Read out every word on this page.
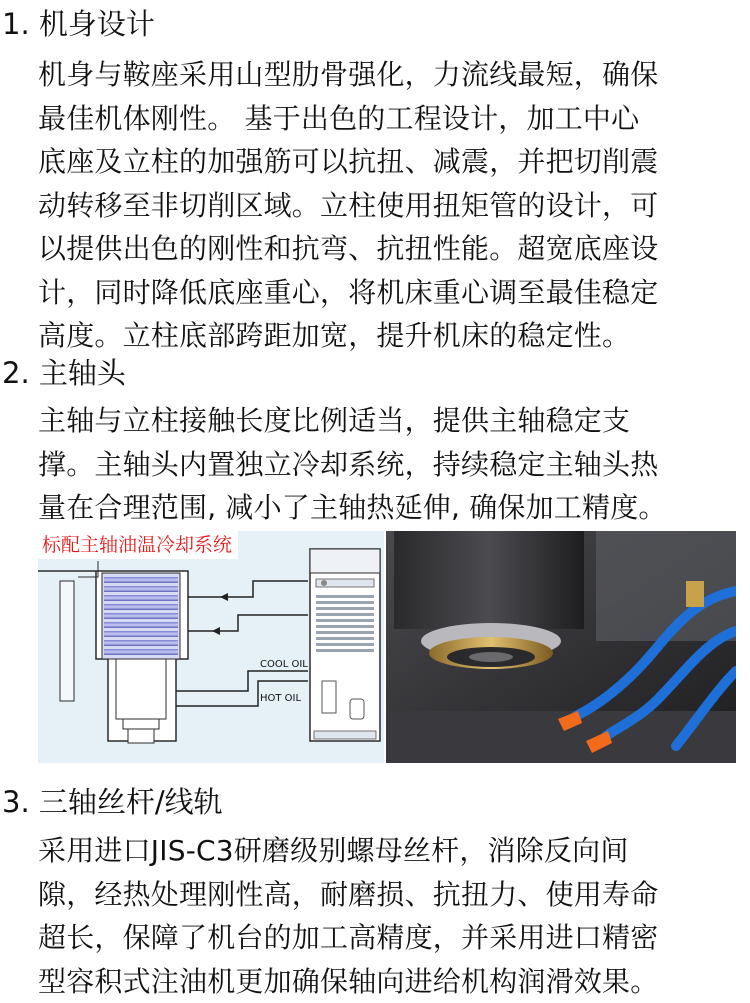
1. 机身设计
机身与鞍座采用山型肋骨强化，力流线最短，确保
最佳机体刚性。 基于出色的工程设计，加工中心
底座及立柱的加强筋可以抗扭、减震，并把切削震
动转移至非切削区域。立柱使用扭矩管的设计，可
以提供出色的刚性和抗弯、抗扭性能。超宽底座设
计，同时降低底座重心，将机床重心调至最佳稳定
高度。立柱底部跨距加宽，提升机床的稳定性。
2. 主轴头
主轴与立柱接触长度比例适当，提供主轴稳定支
撑。主轴头内置独立冷却系统，持续稳定主轴头热
量在合理范围, 减小了主轴热延伸, 确保加工精度。
COOL OIL
HOT OIL
标配主轴油温冷却系统
3. 三轴丝杆/线轨
采用进口JIS-C3研磨级别螺母丝杆，消除反向间
隙，经热处理刚性高，耐磨损、抗扭力、使用寿命
超长，保障了机台的加工高精度，并采用进口精密
型容积式注油机更加确保轴向进给机构润滑效果。
